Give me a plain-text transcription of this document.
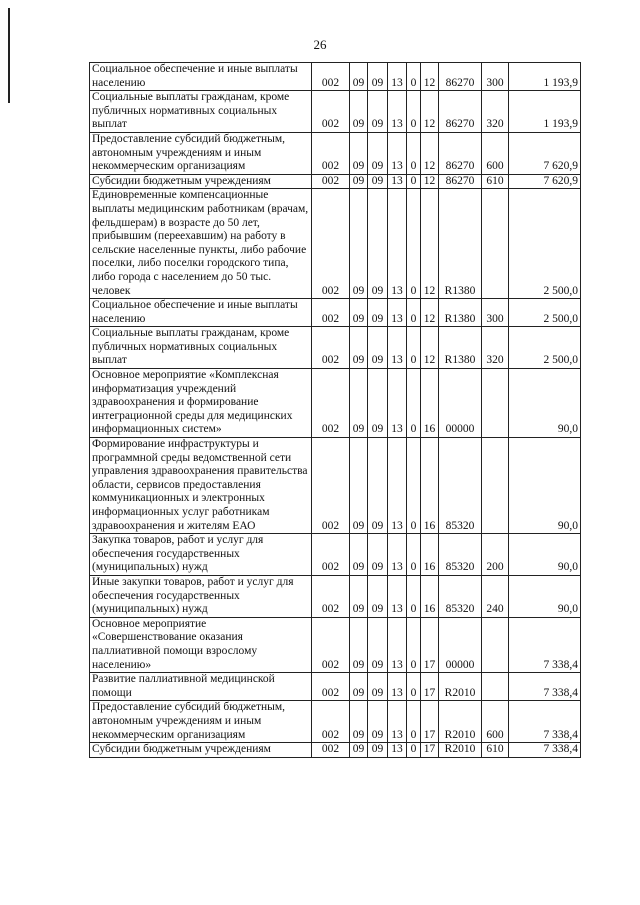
26
Социальное обеспечение и иные выплаты населению	002	09	09	13	0	12	86270	300	1 193,9
Социальные выплаты гражданам, кроме публичных нормативных социальных выплат	002	09	09	13	0	12	86270	320	1 193,9
Предоставление субсидий бюджетным, автономным учреждениям и иным некоммерческим организациям	002	09	09	13	0	12	86270	600	7 620,9
Субсидии бюджетным учреждениям	002	09	09	13	0	12	86270	610	7 620,9
Единовременные компенсационные выплаты медицинским работникам (врачам, фельдшерам) в возрасте до 50 лет, прибывшим (переехавшим) на работу в сельские населенные пункты, либо рабочие поселки, либо поселки городского типа, либо города с населением до 50 тыс. человек	002	09	09	13	0	12	R1380		2 500,0
Социальное обеспечение и иные выплаты населению	002	09	09	13	0	12	R1380	300	2 500,0
Социальные выплаты гражданам, кроме публичных нормативных социальных выплат	002	09	09	13	0	12	R1380	320	2 500,0
Основное мероприятие «Комплексная информатизация учреждений здравоохранения и формирование интеграционной среды для медицинских информационных систем»	002	09	09	13	0	16	00000		90,0
Формирование инфраструктуры и программной среды ведомственной сети управления здравоохранения правительства области, сервисов предоставления коммуникационных и электронных информационных услуг работникам здравоохранения и жителям ЕАО	002	09	09	13	0	16	85320		90,0
Закупка товаров, работ и услуг для обеспечения государственных (муниципальных) нужд	002	09	09	13	0	16	85320	200	90,0
Иные закупки товаров, работ и услуг для обеспечения государственных (муниципальных) нужд	002	09	09	13	0	16	85320	240	90,0
Основное мероприятие «Совершенствование оказания паллиативной помощи взрослому населению»	002	09	09	13	0	17	00000		7 338,4
Развитие паллиативной медицинской помощи	002	09	09	13	0	17	R2010		7 338,4
Предоставление субсидий бюджетным, автономным учреждениям и иным некоммерческим организациям	002	09	09	13	0	17	R2010	600	7 338,4
Субсидии бюджетным учреждениям	002	09	09	13	0	17	R2010	610	7 338,4
